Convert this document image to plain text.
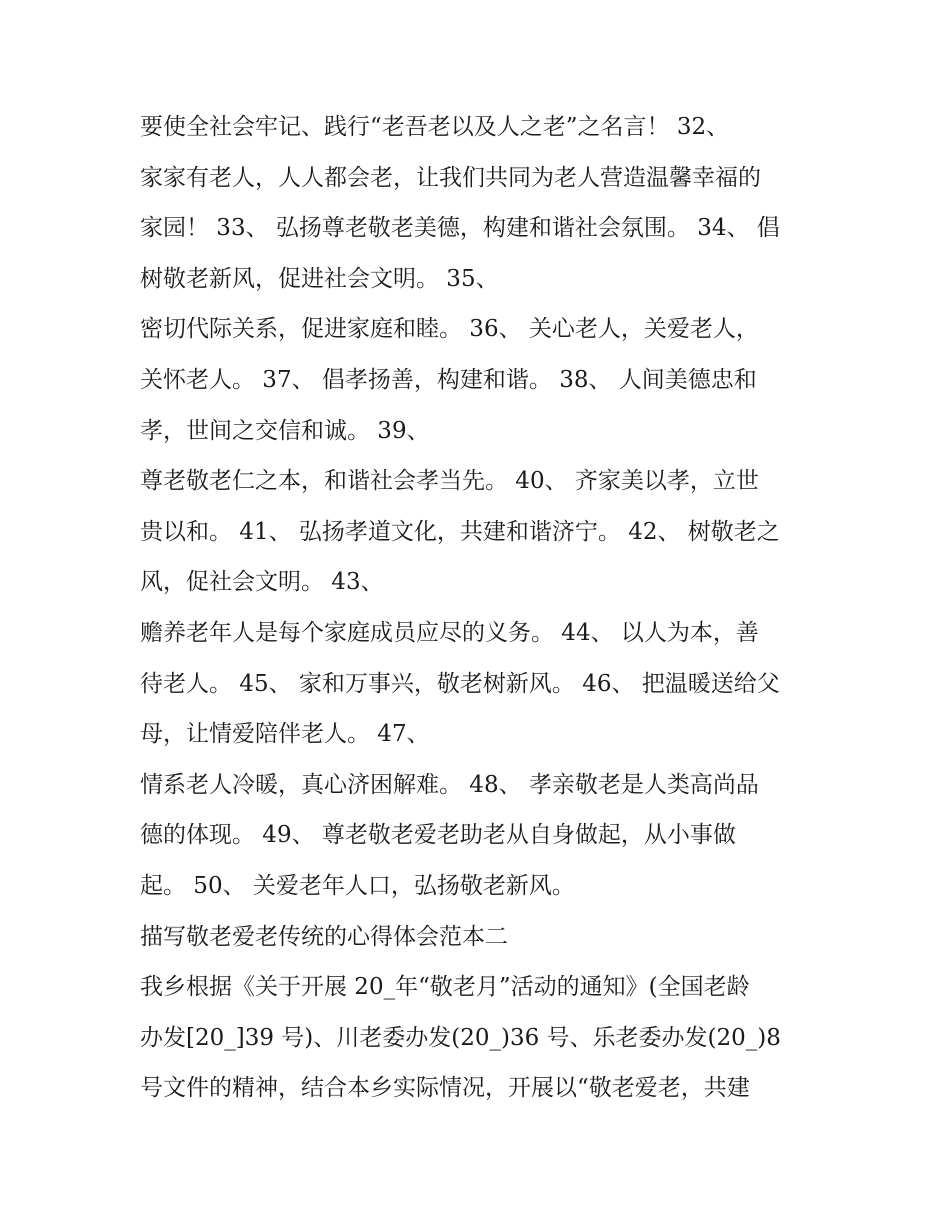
要使全社会牢记、践行“老吾老以及人之老”之名言！ 32、
家家有老人，人人都会老，让我们共同为老人营造温馨幸福的
家园！ 33、 弘扬尊老敬老美德，构建和谐社会氛围。 34、 倡
树敬老新风，促进社会文明。 35、
密切代际关系，促进家庭和睦。 36、 关心老人，关爱老人，
关怀老人。 37、 倡孝扬善，构建和谐。 38、 人间美德忠和
孝，世间之交信和诚。 39、
尊老敬老仁之本，和谐社会孝当先。 40、 齐家美以孝，立世
贵以和。 41、 弘扬孝道文化，共建和谐济宁。 42、 树敬老之
风，促社会文明。 43、
赡养老年人是每个家庭成员应尽的义务。 44、 以人为本，善
待老人。 45、 家和万事兴，敬老树新风。 46、 把温暖送给父
母，让情爱陪伴老人。 47、
情系老人冷暖，真心济困解难。 48、 孝亲敬老是人类高尚品
德的体现。 49、 尊老敬老爱老助老从自身做起，从小事做
起。 50、 关爱老年人口，弘扬敬老新风。
描写敬老爱老传统的心得体会范本二
我乡根据《关于开展 20_年“敬老月”活动的通知》(全国老龄
办发[20_]39 号)、川老委办发(20_)36 号、乐老委办发(20_)8
号文件的精神，结合本乡实际情况，开展以“敬老爱老，共建
